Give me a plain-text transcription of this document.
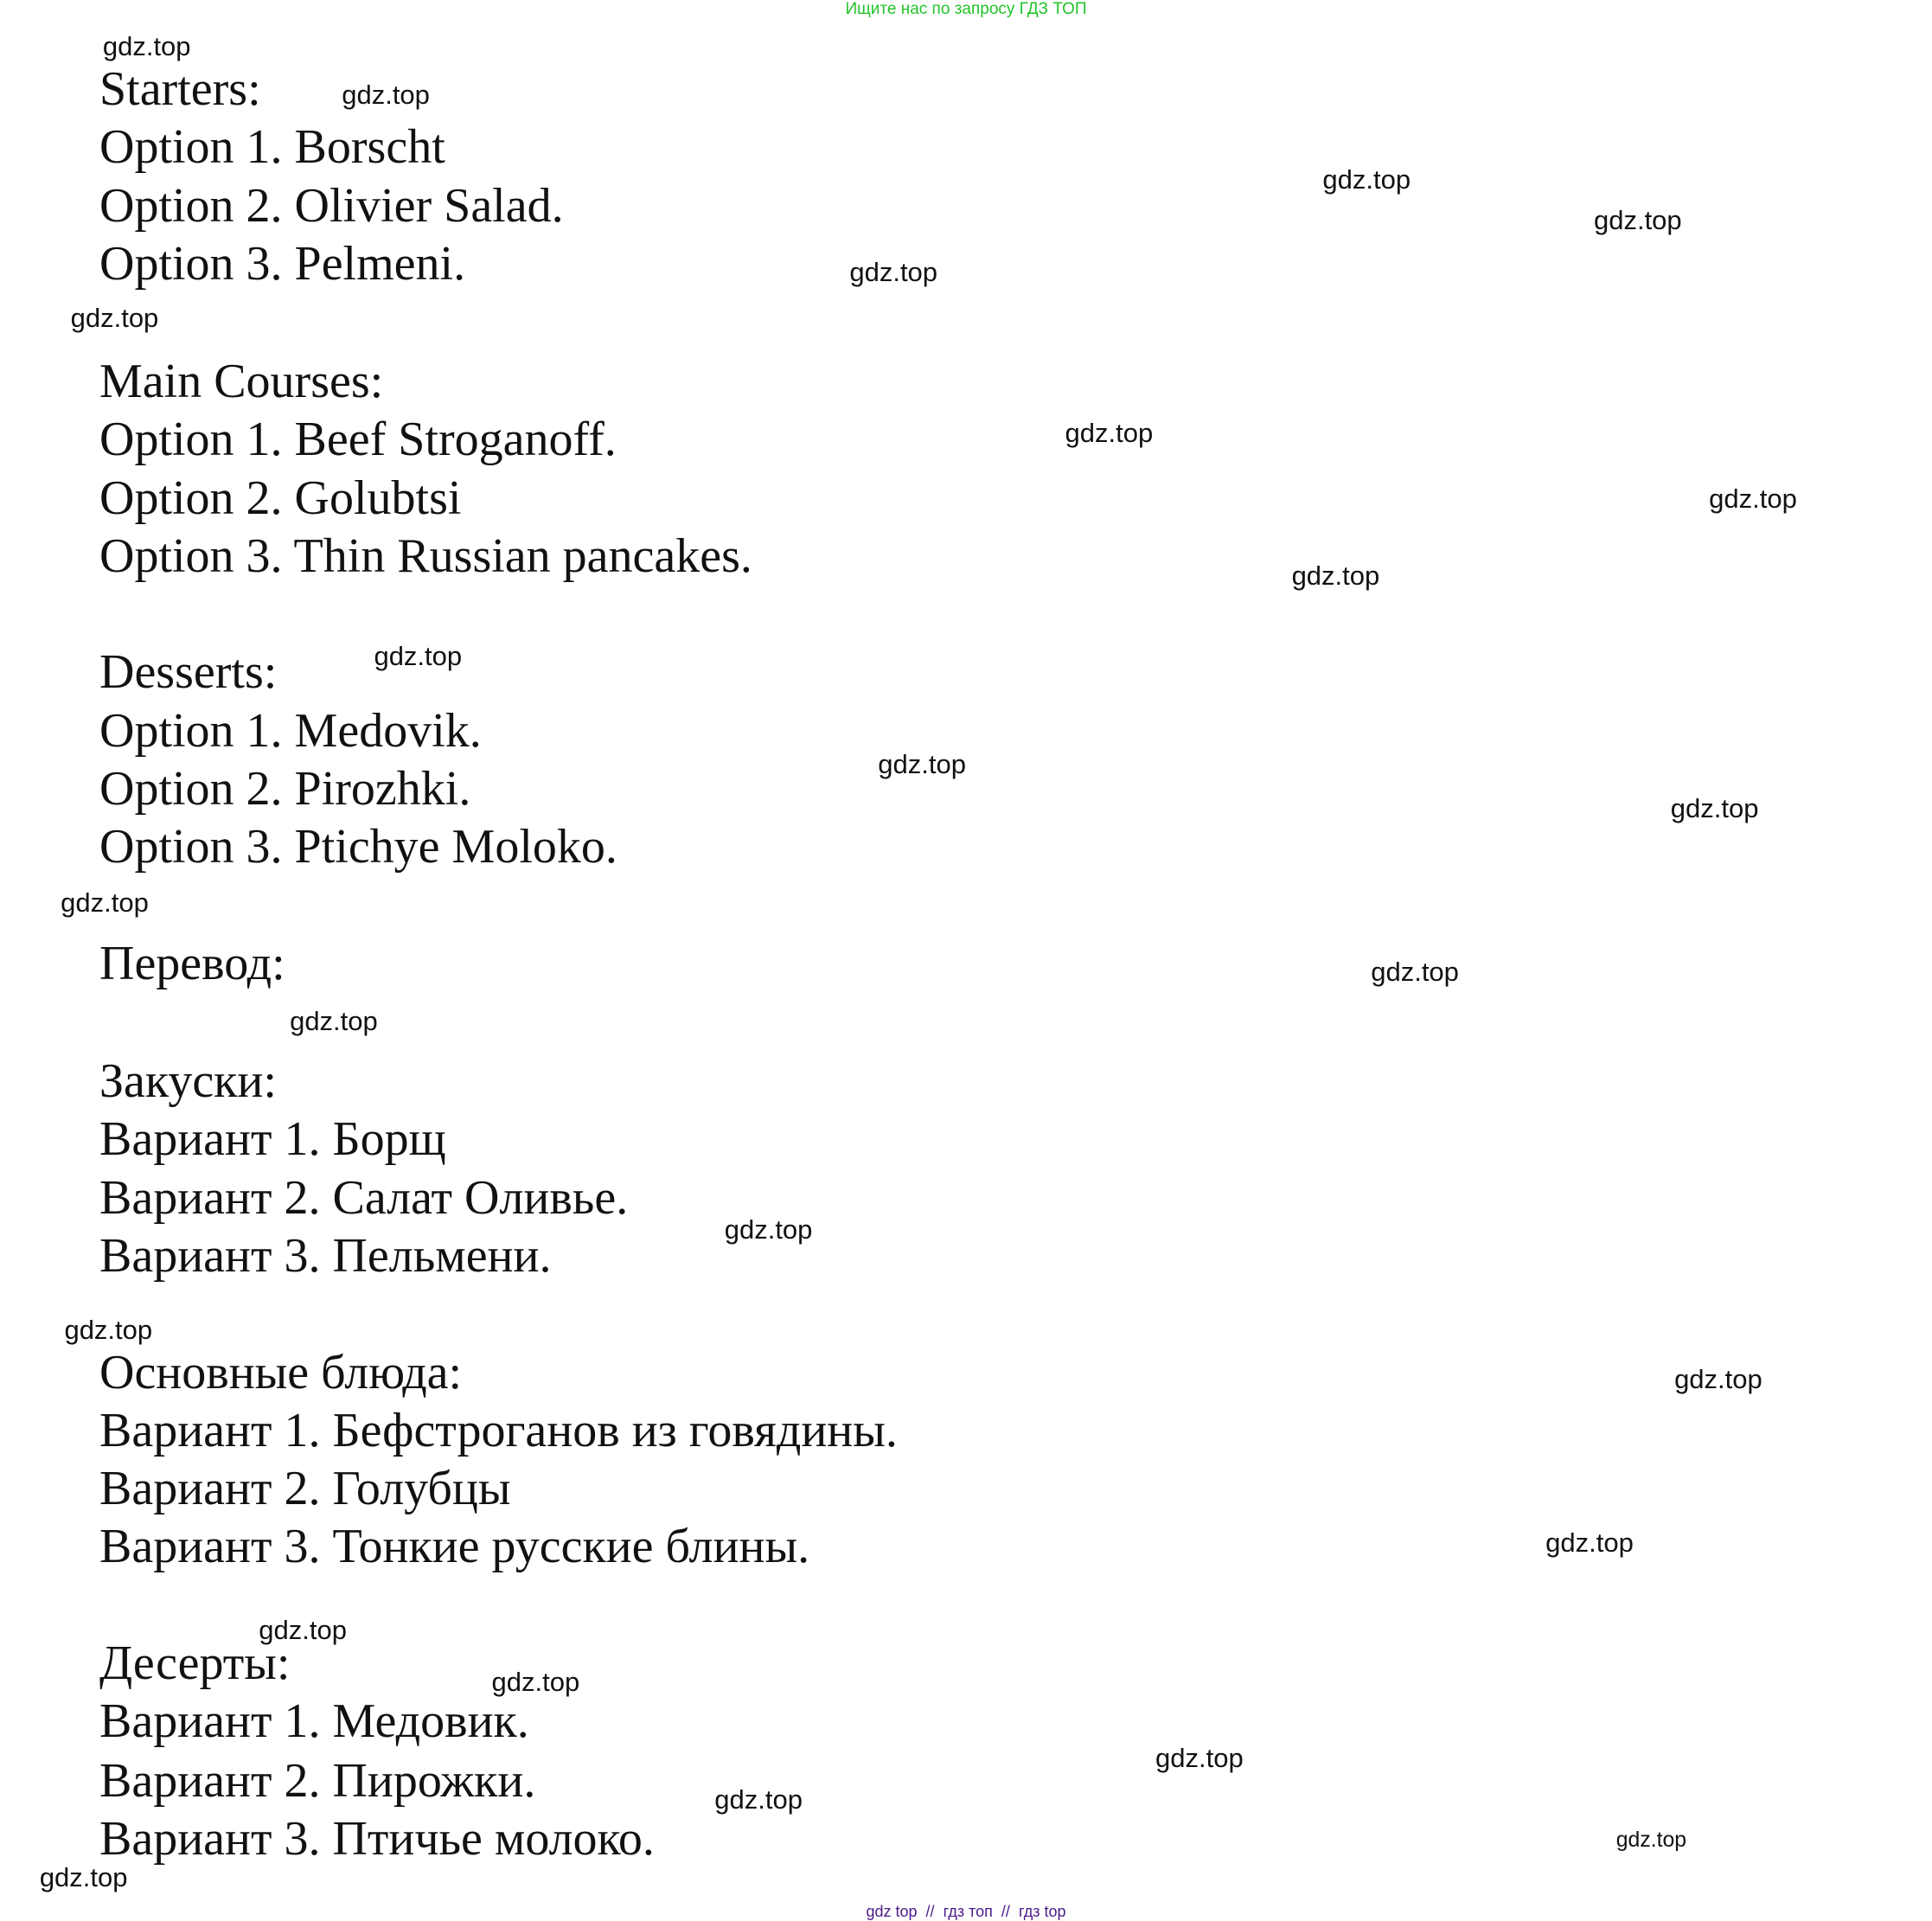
Ищите нас по запросу ГДЗ ТОП
Starters:
Option 1. Borscht
Option 2. Olivier Salad.
Option 3. Pelmeni.
Main Courses:
Option 1. Beef Stroganoff.
Option 2. Golubtsi
Option 3. Thin Russian pancakes.
Desserts:
Option 1. Medovik.
Option 2. Pirozhki.
Option 3. Ptichye Moloko.
Перевод:
Закуски:
Вариант 1. Борщ
Вариант 2. Салат Оливье.
Вариант 3. Пельмени.
Основные блюда:
Вариант 1. Бефстроганов из говядины.
Вариант 2. Голубцы
Вариант 3. Тонкие русские блины.
Десерты:
Вариант 1. Медовик.
Вариант 2. Пирожки.
Вариант 3. Птичье молоко.
gdz.top
gdz.top
gdz.top
gdz.top
gdz.top
gdz.top
gdz.top
gdz.top
gdz.top
gdz.top
gdz.top
gdz.top
gdz.top
gdz.top
gdz.top
gdz.top
gdz.top
gdz.top
gdz.top
gdz.top
gdz.top
gdz.top
gdz.top
gdz.top
gdz.top
gdz top // гдз топ // гдз top
